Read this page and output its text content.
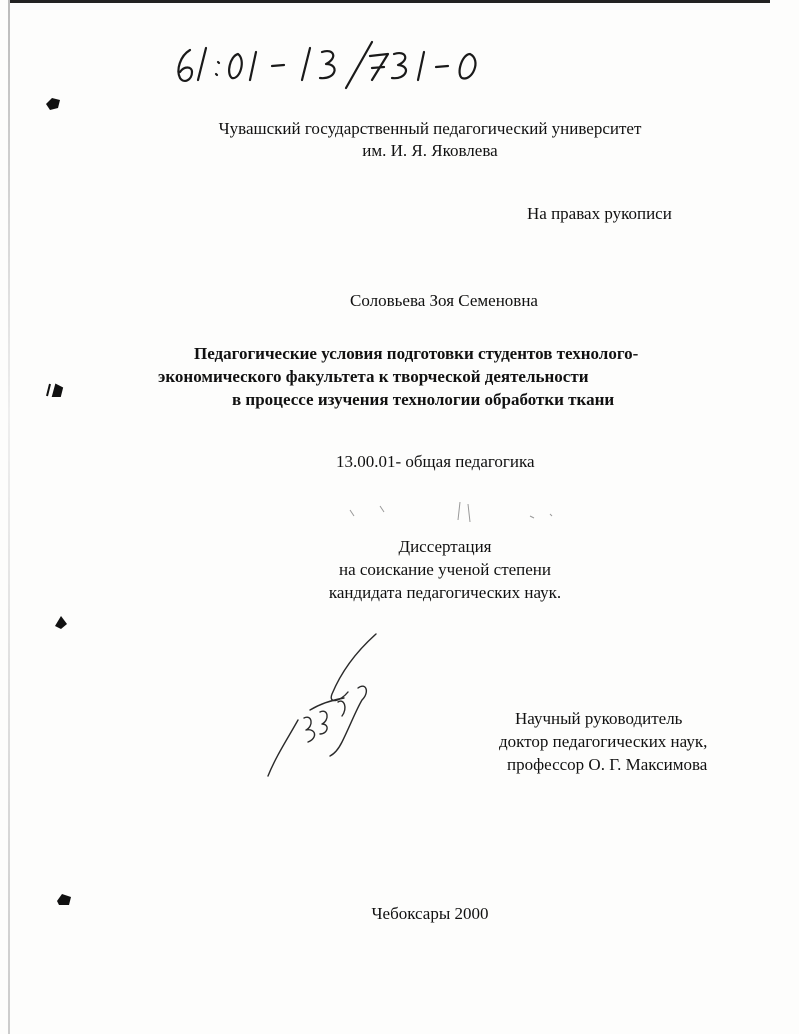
Чувашский государственный педагогический университет
им. И. Я. Яковлева
На правах рукописи
Соловьева Зоя Семеновна
Педагогические условия подготовки студентов технолого-
экономического факультета к творческой деятельности
в процессе изучения технологии обработки ткани
13.00.01- общая педагогика
Диссертация
на соискание ученой степени
кандидата педагогических наук.
Научный руководитель
доктор педагогических наук,
профессор О. Г. Максимова
Чебоксары 2000
